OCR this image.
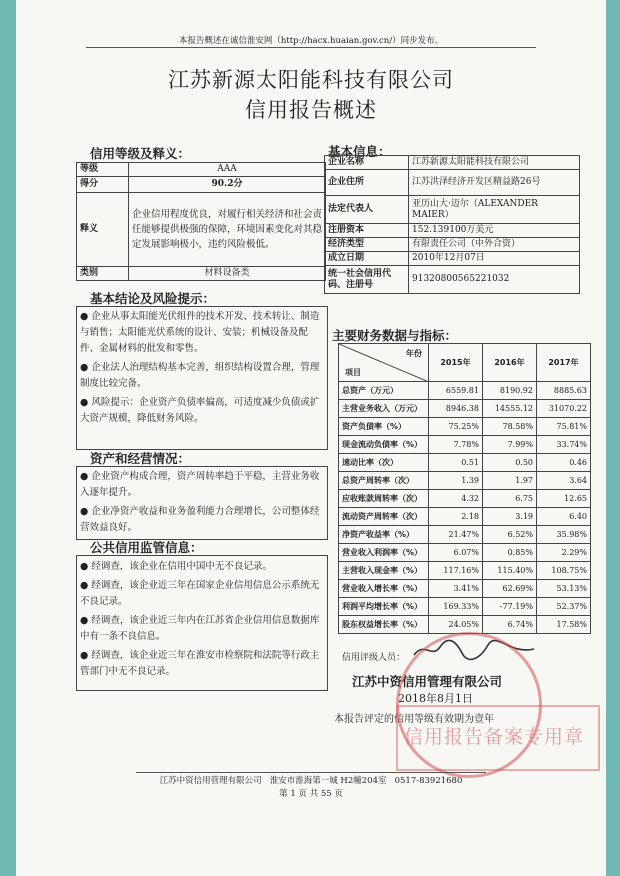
本报告概述在诚信淮安网（http://hacx.huaian.gov.cn/）同步发布。
江苏新源太阳能科技有限公司
信用报告概述
信用等级及释义：
等级	AAA
得分	90.2分
释义	企业信用程度优良，对履行相关经济和社会责任能够提供极强的保障，环境因素变化对其稳定发展影响极小，违约风险极低。
类别	材料设备类
基本结论及风险提示：

● 企业从事太阳能光伏组件的技术开发、技术转让、制造与销售；太阳能光伏系统的设计、安装；机械设备及配件、金属材料的批发和零售。

● 企业法人治理结构基本完善，组织结构设置合理，管理制度比较完备。

● 风险提示：企业资产负债率偏高，可适度减少负债或扩大资产规模，降低财务风险。

资产和经营情况：

● 企业资产构成合理，资产周转率趋于平稳，主营业务收入逐年提升。

● 企业净资产收益和业务盈利能力合理增长，公司整体经营效益良好。

公共信用监管信息：

● 经调查，该企业在信用中国中无不良记录。

● 经调查，该企业近三年在国家企业信用信息公示系统无不良记录。

● 经调查，该企业近三年内在江苏省企业信用信息数据库中有一条不良信息。

● 经调查，该企业近三年在淮安市检察院和法院等行政主管部门中无不良记录。

基本信息：
企业名称	江苏新源太阳能科技有限公司
企业住所	江苏洪泽经济开发区精益路26号
法定代表人	亚历山大·迈尔（ALEXANDER MAIER）
注册资本	152.139100万美元
经济类型	有限责任公司（中外合资）
成立日期	2010年12月07日
统一社会信用代码、注册号	91320800565221032
主要财务数据与指标：
年份
项目	2015年	2016年	2017年
总资产（万元）	6559.81	8190.92	8885.63
主营业务收入（万元）	8946.38	14555.12	31070.22
资产负债率（%）	75.25%	78.58%	75.81%
现金流动负债率（%）	7.78%	7.99%	33.74%
速动比率（次）	0.51	0.50	0.46
总资产周转率（次）	1.39	1.97	3.64
应收账款周转率（次）	4.32	6.75	12.65
流动资产周转率（次）	2.18	3.19	6.40
净资产收益率（%）	21.47%	6.52%	35.98%
营业收入利润率（%）	6.07%	0.85%	2.29%
主营收入现金率（%）	117.16%	115.40%	108.75%
营业收入增长率（%）	3.41%	62.69%	53.13%
利润平均增长率（%）	169.33%	-77.19%	52.37%
股东权益增长率（%）	24.05%	6.74%	17.58%
信用评级人员：
江苏中资信用管理有限公司
2018年8月1日
本报告评定的信用等级有效期为壹年
信用报告备案专用章
江苏中资信用管理有限公司 淮安市淮海第一城 H2幢204室 0517-83921680
第 1 页 共 55 页
